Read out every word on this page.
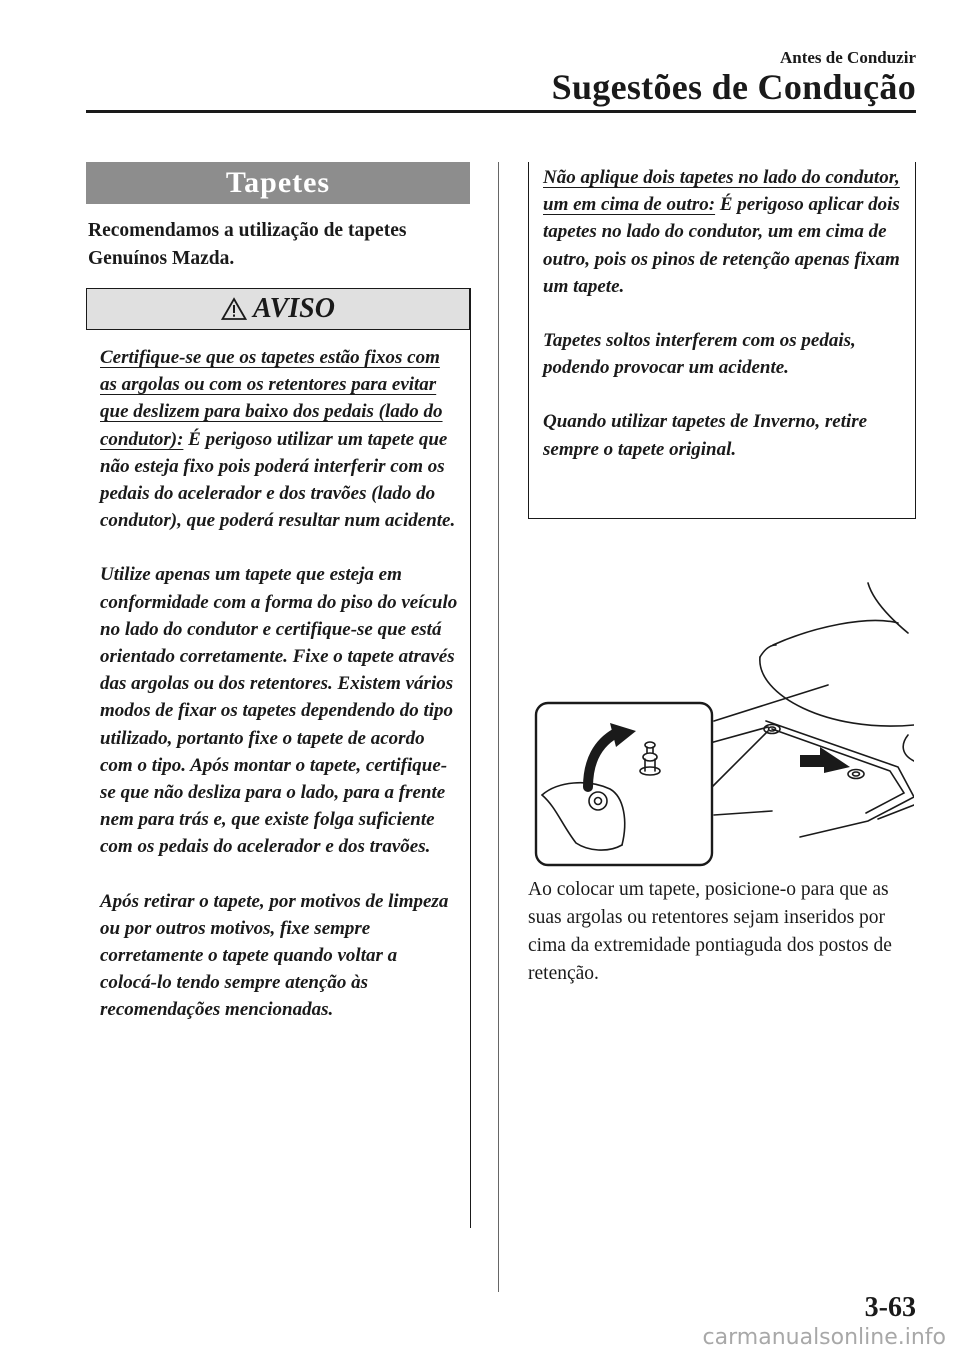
Antes de Conduzir
Sugestões de Condução
Tapetes
Recomendamos a utilização de tapetes Genuínos Mazda.
AVISO

Certifique-se que os tapetes estão fixos com as argolas ou com os retentores para evitar que deslizem para baixo dos pedais (lado do condutor): É perigoso utilizar um tapete que não esteja fixo pois poderá interferir com os pedais do acelerador e dos travões (lado do condutor), que poderá resultar num acidente.

Utilize apenas um tapete que esteja em conformidade com a forma do piso do veículo no lado do condutor e certifique-se que está orientado corretamente. Fixe o tapete através das argolas ou dos retentores. Existem vários modos de fixar os tapetes dependendo do tipo utilizado, portanto fixe o tapete de acordo com o tipo. Após montar o tapete, certifique-se que não desliza para o lado, para a frente nem para trás e, que existe folga suficiente com os pedais do acelerador e dos travões.

Após retirar o tapete, por motivos de limpeza ou por outros motivos, fixe sempre corretamente o tapete quando voltar a colocá-lo tendo sempre atenção às recomendações mencionadas.

Não aplique dois tapetes no lado do condutor, um em cima de outro: É perigoso aplicar dois tapetes no lado do condutor, um em cima de outro, pois os pinos de retenção apenas fixam um tapete.

Tapetes soltos interferem com os pedais, podendo provocar um acidente.

Quando utilizar tapetes de Inverno, retire sempre o tapete original.

Ao colocar um tapete, posicione-o para que as suas argolas ou retentores sejam inseridos por cima da extremidade pontiaguda dos postos de retenção.
3-63
carmanualsonline.info
